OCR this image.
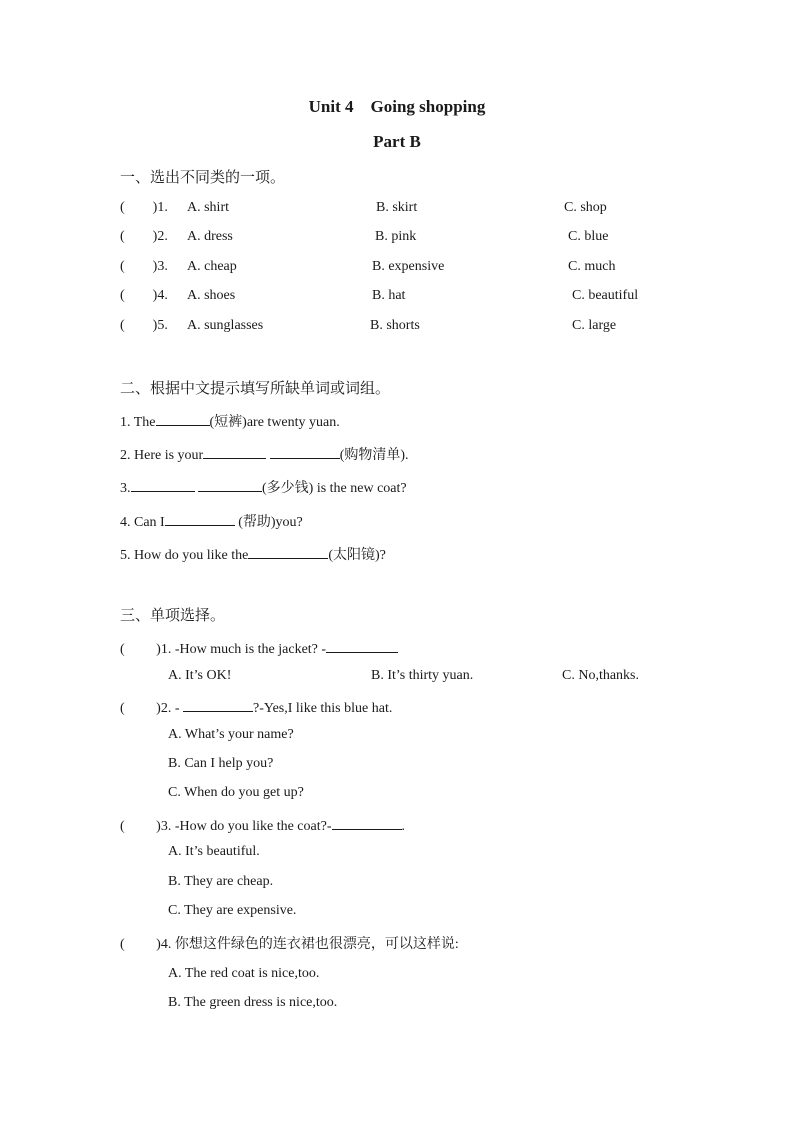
Unit 4    Going shopping
Part B
一、选出不同类的一项。
(        )1. A. shirt	B. skirt	C. shop
(        )2. A. dress	B. pink	C. blue
(        )3. A. cheap	B. expensive	C. much
(        )4. A. shoes	B. hat	C. beautiful
(        )5. A. sunglasses	B. shorts	C. large
二、根据中文提示填写所缺单词或词组。
1. The	(短裤)are twenty yuan.
2. Here is your	(购物清单).
3.	(多少钱) is the new coat?
4. Can I	(帮助)you?
5. How do you like the	(太阳镜)?
三、单项选择。
(         )1. -How much is the jacket? -
A. It’s OK!	B. It’s thirty yuan.	C. No,thanks.
(         )2. -	?-Yes,I like this blue hat.
A. What’s your name?
B. Can I help you?
C. When do you get up?
(         )3. -How do you like the coat?-	.
A. It’s beautiful.
B. They are cheap.
C. They are expensive.
(         )4. 你想这件绿色的连衣裙也很漂亮，可以这样说:
A. The red coat is nice,too.
B. The green dress is nice,too.
